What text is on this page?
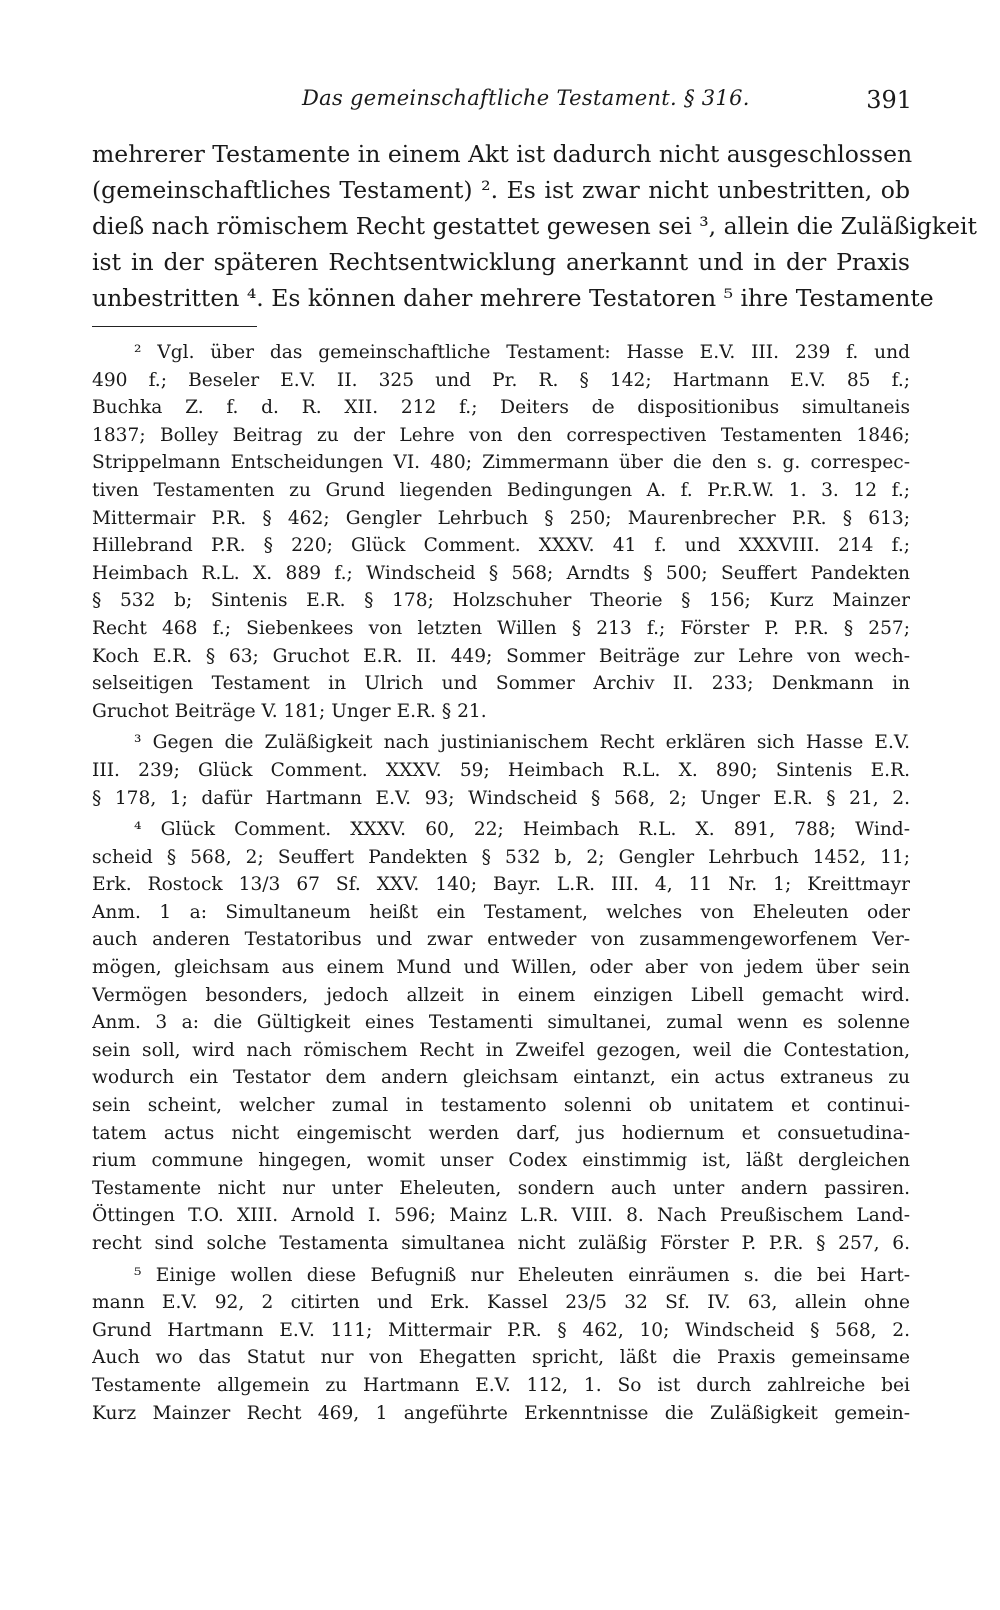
Das gemeinschaftliche Testament. § 316.	391

mehrerer Testamente in einem Akt ist dadurch nicht ausgeschlossen
(gemeinschaftliches Testament) ². Es ist zwar nicht unbestritten, ob
dieß nach römischem Recht gestattet gewesen sei ³, allein die Zuläßigkeit
ist in der späteren Rechtsentwicklung anerkannt und in der Praxis
unbestritten ⁴. Es können daher mehrere Testatoren ⁵ ihre Testamente

² Vgl. über das gemeinschaftliche Testament: Hasse E.V. III. 239 f. und
490 f.; Beseler E.V. II. 325 und Pr. R. § 142; Hartmann E.V. 85 f.;
Buchka Z. f. d. R. XII. 212 f.; Deiters de dispositionibus simultaneis
1837; Bolley Beitrag zu der Lehre von den correspectiven Testamenten 1846;
Strippelmann Entscheidungen VI. 480; Zimmermann über die den s. g. correspec-
tiven Testamenten zu Grund liegenden Bedingungen A. f. Pr.R.W. 1. 3. 12 f.;
Mittermair P.R. § 462; Gengler Lehrbuch § 250; Maurenbrecher P.R. § 613;
Hillebrand P.R. § 220; Glück Comment. XXXV. 41 f. und XXXVIII. 214 f.;
Heimbach R.L. X. 889 f.; Windscheid § 568; Arndts § 500; Seuffert Pandekten
§ 532 b; Sintenis E.R. § 178; Holzschuher Theorie § 156; Kurz Mainzer
Recht 468 f.; Siebenkees von letzten Willen § 213 f.; Förster P. P.R. § 257;
Koch E.R. § 63; Gruchot E.R. II. 449; Sommer Beiträge zur Lehre von wech-
selseitigen Testament in Ulrich und Sommer Archiv II. 233; Denkmann in
Gruchot Beiträge V. 181; Unger E.R. § 21.
³ Gegen die Zuläßigkeit nach justinianischem Recht erklären sich Hasse E.V.
III. 239; Glück Comment. XXXV. 59; Heimbach R.L. X. 890; Sintenis E.R.
§ 178, 1; dafür Hartmann E.V. 93; Windscheid § 568, 2; Unger E.R. § 21, 2.
⁴ Glück Comment. XXXV. 60, 22; Heimbach R.L. X. 891, 788; Wind-
scheid § 568, 2; Seuffert Pandekten § 532 b, 2; Gengler Lehrbuch 1452, 11;
Erk. Rostock 13/3 67 Sf. XXV. 140; Bayr. L.R. III. 4, 11 Nr. 1; Kreittmayr
Anm. 1 a: Simultaneum heißt ein Testament, welches von Eheleuten oder
auch anderen Testatoribus und zwar entweder von zusammengeworfenem Ver-
mögen, gleichsam aus einem Mund und Willen, oder aber von jedem über sein
Vermögen besonders, jedoch allzeit in einem einzigen Libell gemacht wird.
Anm. 3 a: die Gültigkeit eines Testamenti simultanei, zumal wenn es solenne
sein soll, wird nach römischem Recht in Zweifel gezogen, weil die Contestation,
wodurch ein Testator dem andern gleichsam eintanzt, ein actus extraneus zu
sein scheint, welcher zumal in testamento solenni ob unitatem et continui-
tatem actus nicht eingemischt werden darf, jus hodiernum et consuetudina-
rium commune hingegen, womit unser Codex einstimmig ist, läßt dergleichen
Testamente nicht nur unter Eheleuten, sondern auch unter andern passiren.
Öttingen T.O. XIII. Arnold I. 596; Mainz L.R. VIII. 8. Nach Preußischem Land-
recht sind solche Testamenta simultanea nicht zuläßig Förster P. P.R. § 257, 6.
⁵ Einige wollen diese Befugniß nur Eheleuten einräumen s. die bei Hart-
mann E.V. 92, 2 citirten und Erk. Kassel 23/5 32 Sf. IV. 63, allein ohne
Grund Hartmann E.V. 111; Mittermair P.R. § 462, 10; Windscheid § 568, 2.
Auch wo das Statut nur von Ehegatten spricht, läßt die Praxis gemeinsame
Testamente allgemein zu Hartmann E.V. 112, 1. So ist durch zahlreiche bei
Kurz Mainzer Recht 469, 1 angeführte Erkenntnisse die Zuläßigkeit gemein-
